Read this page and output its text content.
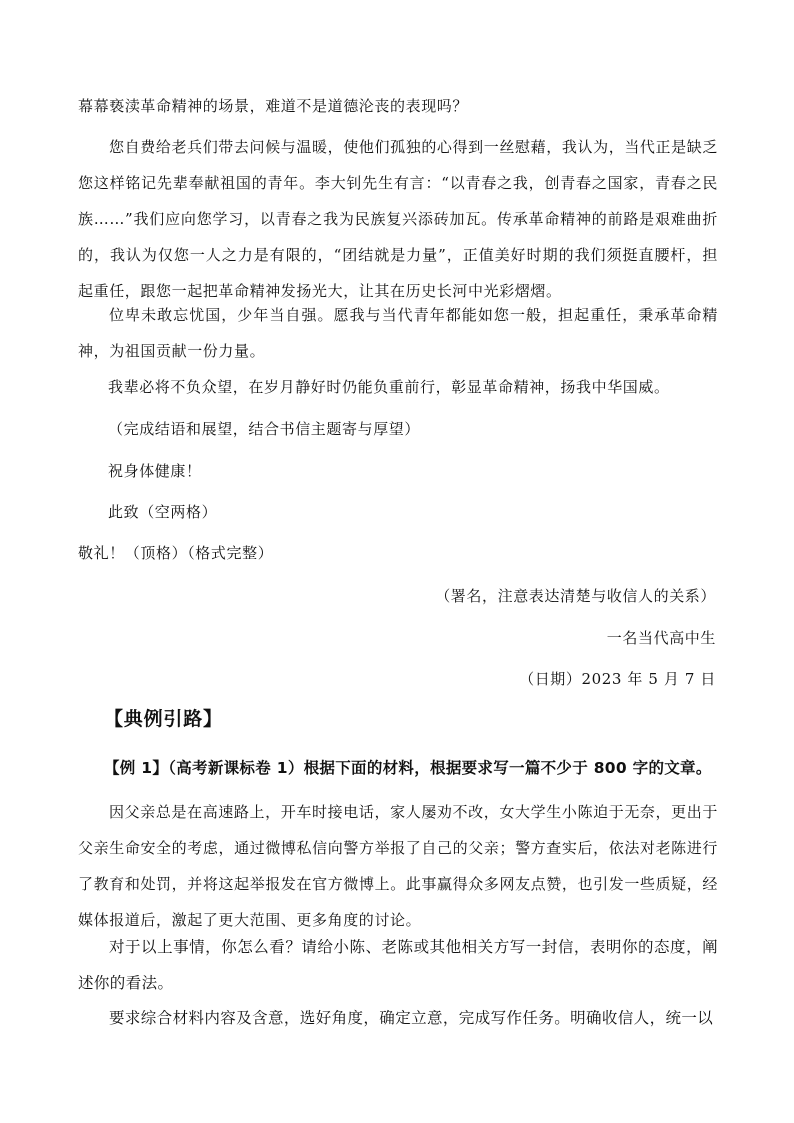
幕幕亵渎革命精神的场景，难道不是道德沦丧的表现吗？
您自费给老兵们带去问候与温暖，使他们孤独的心得到一丝慰藉，我认为，当代正是缺乏您这样铭记先辈奉献祖国的青年。李大钊先生有言：“以青春之我，创青春之国家，青春之民族……”我们应向您学习，以青春之我为民族复兴添砖加瓦。传承革命精神的前路是艰难曲折的，我认为仅您一人之力是有限的，“团结就是力量”，正值美好时期的我们须挺直腰杆，担起重任，跟您一起把革命精神发扬光大，让其在历史长河中光彩熠熠。
位卑未敢忘忧国，少年当自强。愿我与当代青年都能如您一般，担起重任，秉承革命精神，为祖国贡献一份力量。
我辈必将不负众望，在岁月静好时仍能负重前行，彰显革命精神，扬我中华国威。
（完成结语和展望，结合书信主题寄与厚望）
祝身体健康！
此致（空两格）
敬礼！（顶格）（格式完整）
（署名，注意表达清楚与收信人的关系）
一名当代高中生
（日期）2023 年 5 月 7 日
【典例引路】
【例 1】（高考新课标卷 1）根据下面的材料，根据要求写一篇不少于 800 字的文章。
因父亲总是在高速路上，开车时接电话，家人屡劝不改，女大学生小陈迫于无奈，更出于父亲生命安全的考虑，通过微博私信向警方举报了自己的父亲；警方查实后，依法对老陈进行了教育和处罚，并将这起举报发在官方微博上。此事赢得众多网友点赞，也引发一些质疑，经媒体报道后，激起了更大范围、更多角度的讨论。
对于以上事情，你怎么看？请给小陈、老陈或其他相关方写一封信，表明你的态度，阐述你的看法。
要求综合材料内容及含意，选好角度，确定立意，完成写作任务。明确收信人，统一以
